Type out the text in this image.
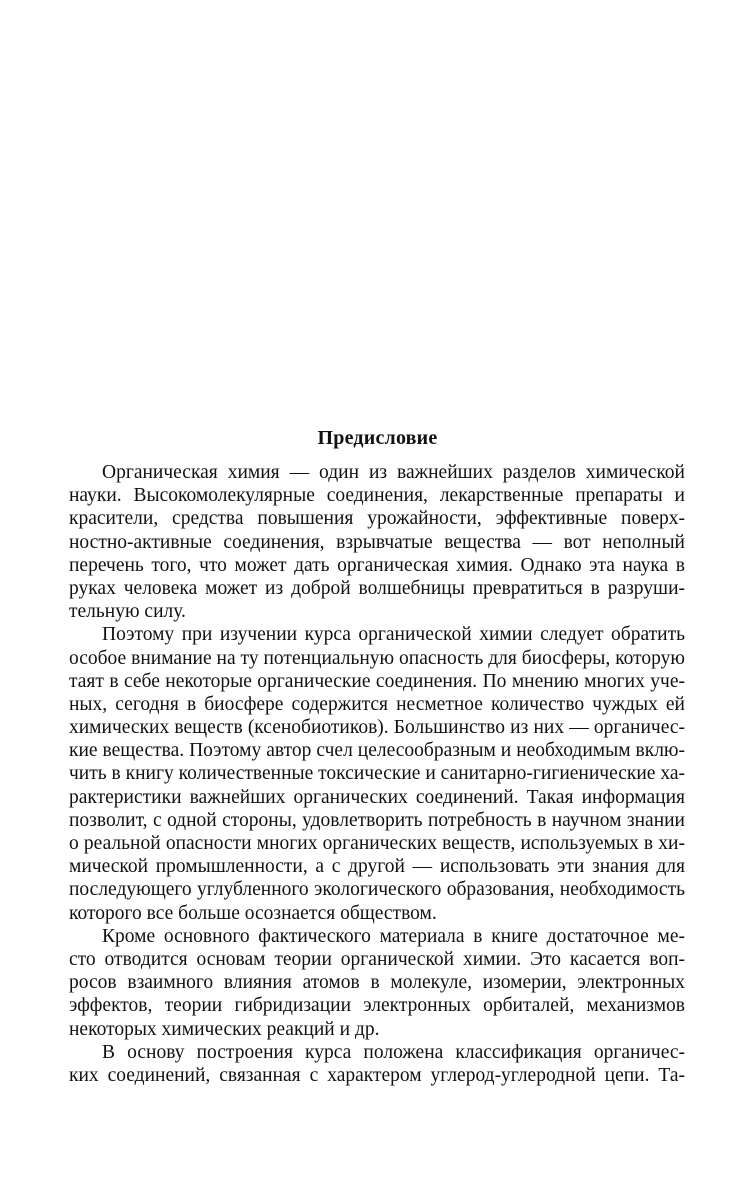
Предисловие
Органическая химия — один из важнейших разделов химической
науки. Высокомолекулярные соединения, лекарственные препараты и
красители, средства повышения урожайности, эффективные поверх-
ностно-активные соединения, взрывчатые вещества — вот неполный
перечень того, что может дать органическая химия. Однако эта наука в
руках человека может из доброй волшебницы превратиться в разруши-
тельную силу.
Поэтому при изучении курса органической химии следует обратить
особое внимание на ту потенциальную опасность для биосферы, которую
таят в себе некоторые органические соединения. По мнению многих уче-
ных, сегодня в биосфере содержится несметное количество чуждых ей
химических веществ (ксенобиотиков). Большинство из них — органичес-
кие вещества. Поэтому автор счел целесообразным и необходимым вклю-
чить в книгу количественные токсические и санитарно-гигиенические ха-
рактеристики важнейших органических соединений. Такая информация
позволит, с одной стороны, удовлетворить потребность в научном знании
о реальной опасности многих органических веществ, используемых в хи-
мической промышленности, а с другой — использовать эти знания для
последующего углубленного экологического образования, необходимость
которого все больше осознается обществом.
Кроме основного фактического материала в книге достаточное ме-
сто отводится основам теории органической химии. Это касается воп-
росов взаимного влияния атомов в молекуле, изомерии, электронных
эффектов, теории гибридизации электронных орбиталей, механизмов
некоторых химических реакций и др.
В основу построения курса положена классификация органичес-
ких соединений, связанная с характером углерод-углеродной цепи. Та-
